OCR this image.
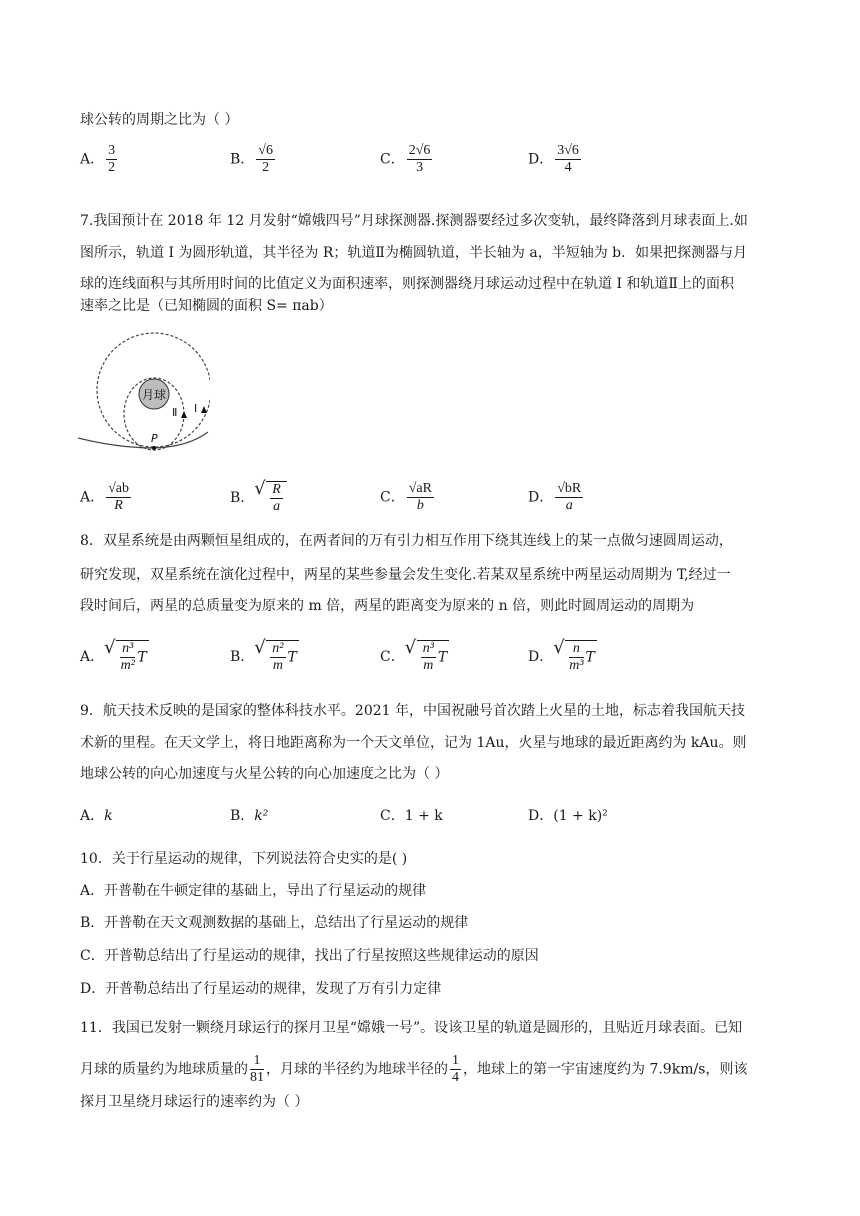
球公转的周期之比为（ ）
A． $\frac{3}{2}$	B． $\frac{√6}{2}$	C． $\frac{2√6}{3}$	D． $\frac{3√6}{4}$
7.我国预计在 2018 年 12 月发射“嫦娥四号”月球探测器.探测器要经过多次变轨，最终降落到月球表面上.如
图所示，轨道 I 为圆形轨道，其半径为 R；轨道Ⅱ为椭圆轨道，半长轴为 a，半短轴为 b．如果把探测器与月
球的连线面积与其所用时间的比值定义为面积速率，则探测器绕月球运动过程中在轨道 I 和轨道Ⅱ上的面积
速率之比是（已知椭圆的面积 S= πab）
月球
Ⅱ I
P
A． $\frac{√ab}{R}$	B． √ $\frac{R}{a}$	C． $\frac{√aR}{b}$	D． $\frac{√bR}{a}$
8．双星系统是由两颗恒星组成的，在两者间的万有引力相互作用下绕其连线上的某一点做匀速圆周运动，
研究发现，双星系统在演化过程中，两星的某些参量会发生变化.若某双星系统中两星运动周期为 T,经过一
段时间后，两星的总质量变为原来的 m 倍，两星的距离变为原来的 n 倍，则此时圆周运动的周期为
A． √ $\frac{\text{n³}}{\text{m²}}$ T	B． √ $\frac{\text{n²}}{m}$ T	C． √ $\frac{\text{n³}}{m}$ T	D． √ $\frac{n}{\text{m³}}$ T
9．航天技术反映的是国家的整体科技水平。2021 年，中国祝融号首次踏上火星的土地，标志着我国航天技
术新的里程。在天文学上，将日地距离称为一个天文单位，记为 1Au，火星与地球的最近距离约为 kAu。则
地球公转的向心加速度与火星公转的向心加速度之比为（ ）
A．k	B．k²	C．1 + k	D．(1 + k)²
10．关于行星运动的规律，下列说法符合史实的是( )
A．开普勒在牛顿定律的基础上，导出了行星运动的规律
B．开普勒在天文观测数据的基础上，总结出了行星运动的规律
C．开普勒总结出了行星运动的规律，找出了行星按照这些规律运动的原因
D．开普勒总结出了行星运动的规律，发现了万有引力定律
11．我国已发射一颗绕月球运行的探月卫星“嫦娥一号”。设该卫星的轨道是圆形的，且贴近月球表面。已知
月球的质量约为地球质量的 $\frac{1}{81}$ ，月球的半径约为地球半径的 $\frac{1}{4}$ ，地球上的第一宇宙速度约为 7.9km/s，则该
探月卫星绕月球运行的速率约为（ ）
